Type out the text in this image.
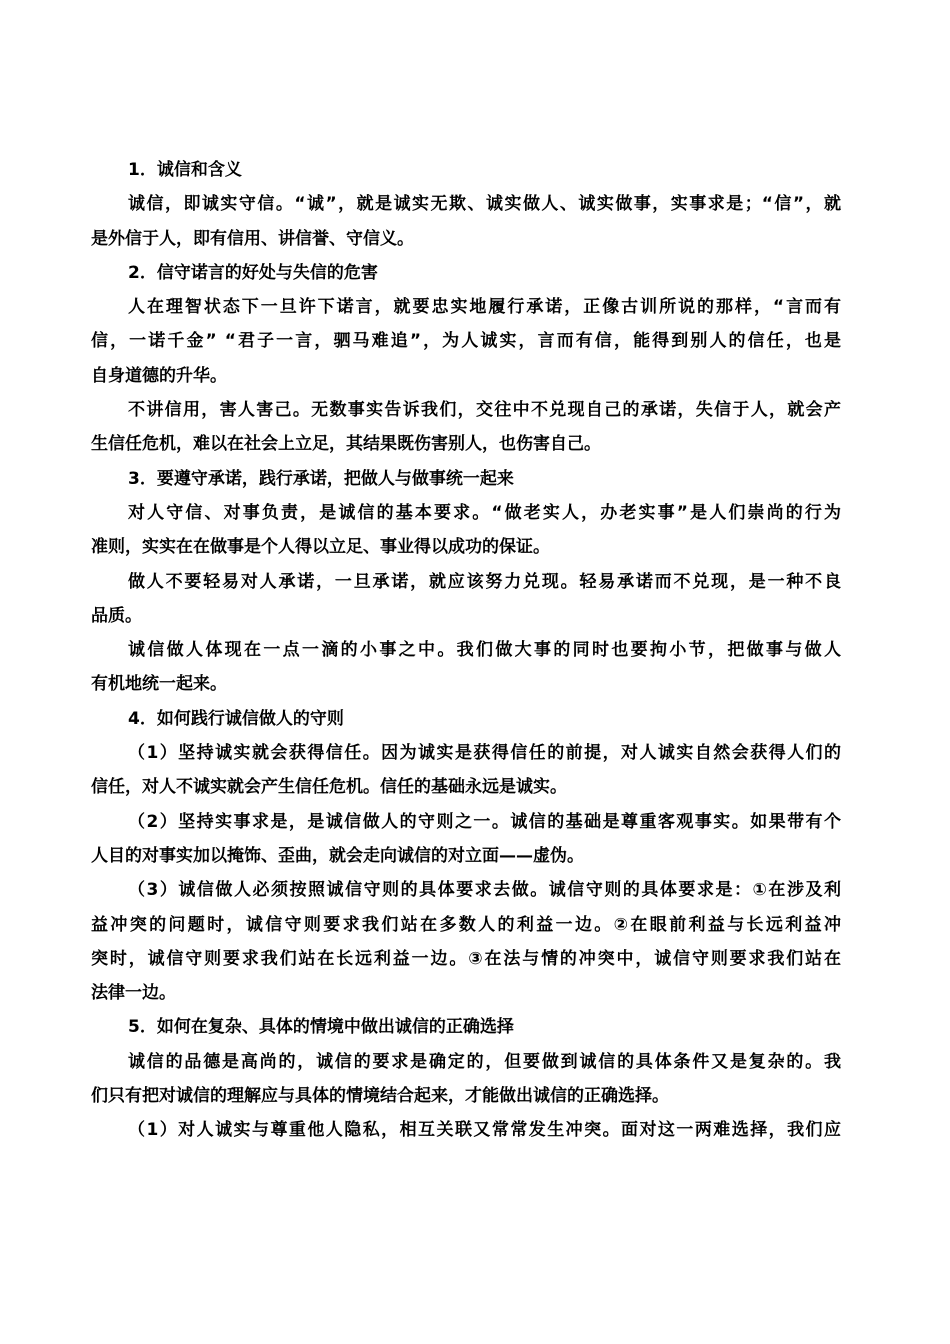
1．诚信和含义
诚信，即诚实守信。“诚”，就是诚实无欺、诚实做人、诚实做事，实事求是；“信”，就
是外信于人，即有信用、讲信誉、守信义。
2．信守诺言的好处与失信的危害
人在理智状态下一旦许下诺言，就要忠实地履行承诺，正像古训所说的那样，“言而有
信，一诺千金” “君子一言，驷马难追”，为人诚实，言而有信，能得到别人的信任，也是
自身道德的升华。
不讲信用，害人害己。无数事实告诉我们，交往中不兑现自己的承诺，失信于人，就会产
生信任危机，难以在社会上立足，其结果既伤害别人，也伤害自己。
3．要遵守承诺，践行承诺，把做人与做事统一起来
对人守信、对事负责，是诚信的基本要求。“做老实人，办老实事”是人们崇尚的行为
准则，实实在在做事是个人得以立足、事业得以成功的保证。
做人不要轻易对人承诺，一旦承诺，就应该努力兑现。轻易承诺而不兑现，是一种不良
品质。
诚信做人体现在一点一滴的小事之中。我们做大事的同时也要拘小节，把做事与做人
有机地统一起来。
4．如何践行诚信做人的守则
（1）坚持诚实就会获得信任。因为诚实是获得信任的前提，对人诚实自然会获得人们的
信任，对人不诚实就会产生信任危机。信任的基础永远是诚实。
（2）坚持实事求是，是诚信做人的守则之一。诚信的基础是尊重客观事实。如果带有个
人目的对事实加以掩饰、歪曲，就会走向诚信的对立面——虚伪。
（3）诚信做人必须按照诚信守则的具体要求去做。诚信守则的具体要求是：①在涉及利
益冲突的问题时，诚信守则要求我们站在多数人的利益一边。②在眼前利益与长远利益冲
突时，诚信守则要求我们站在长远利益一边。③在法与情的冲突中，诚信守则要求我们站在
法律一边。
5．如何在复杂、具体的情境中做出诚信的正确选择
诚信的品德是高尚的，诚信的要求是确定的，但要做到诚信的具体条件又是复杂的。我
们只有把对诚信的理解应与具体的情境结合起来，才能做出诚信的正确选择。
（1）对人诚实与尊重他人隐私，相互关联又常常发生冲突。面对这一两难选择，我们应
